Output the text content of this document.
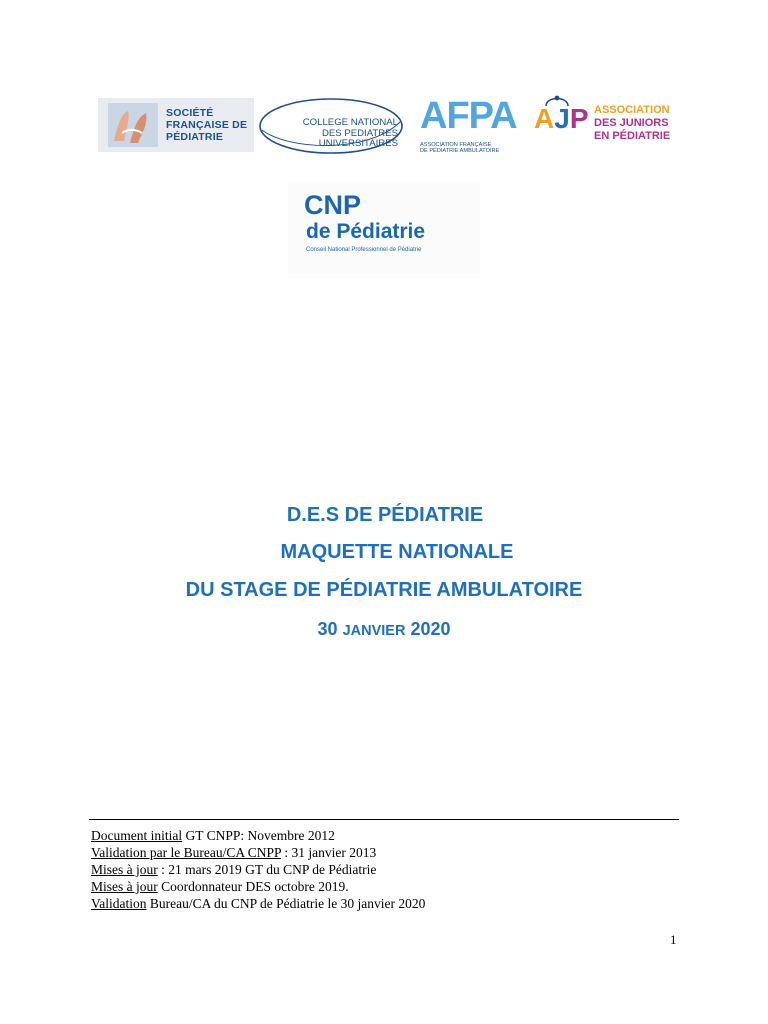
SOCIÉTÉ
FRANÇAISE DE
PÉDIATRIE
COLLEGE NATIONAL
DES PEDIATRES
UNIVERSITAIRES
AFPA
ASSOCIATION FRANÇAISE
DE PÉDIATRIE AMBULATOIRE
AJP ASSOCIATION
DES JUNIORS
EN PÉDIATRIE
CNP
de Pédiatrie
Conseil National Professionnel de Pédiatrie
D.E.S DE PÉDIATRIE
MAQUETTE NATIONALE
DU STAGE DE PÉDIATRIE AMBULATOIRE
30 JANVIER 2020
Document initial GT CNPP: Novembre 2012
Validation par le Bureau/CA CNPP : 31 janvier 2013
Mises à jour : 21 mars 2019 GT du CNP de Pédiatrie
Mises à jour Coordonnateur DES octobre 2019.
Validation Bureau/CA du CNP de Pédiatrie le 30 janvier 2020
1
